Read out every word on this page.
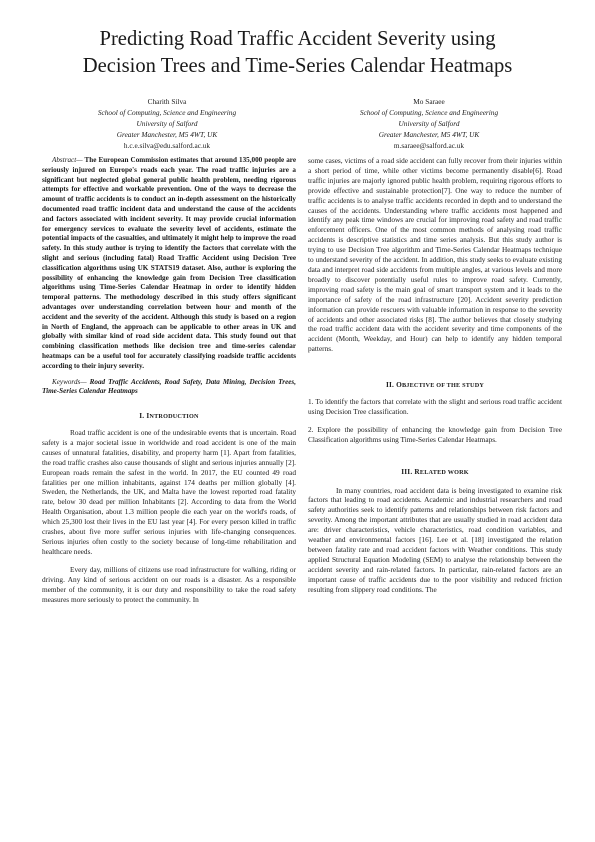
Predicting Road Traffic Accident Severity using
Decision Trees and Time-Series Calendar Heatmaps
Charith Silva
School of Computing, Science and Engineering
University of Salford
Greater Manchester, M5 4WT, UK
h.c.e.silva@edu.salford.ac.uk
Mo Saraee
School of Computing, Science and Engineering
University of Salford
Greater Manchester, M5 4WT, UK
m.saraee@salford.ac.uk

Abstract— The European Commission estimates that around 135,000 people are seriously injured on Europe's roads each year. The road traffic injuries are a significant but neglected global general public health problem, needing rigorous attempts for effective and workable prevention. One of the ways to decrease the amount of traffic accidents is to conduct an in-depth assessment on the historically documented road traffic incident data and understand the cause of the accidents and factors associated with incident severity. It may provide crucial information for emergency services to evaluate the severity level of accidents, estimate the potential impacts of the casualties, and ultimately it might help to improve the road safety. In this study author is trying to identify the factors that correlate with the slight and serious (including fatal) Road Traffic Accident using Decision Tree classification algorithms using UK STATS19 dataset. Also, author is exploring the possibility of enhancing the knowledge gain from Decision Tree classification algorithms using Time-Series Calendar Heatmap in order to identify hidden temporal patterns. The methodology described in this study offers significant advantages over understanding correlation between hour and month of the accident and the severity of the accident. Although this study is based on a region in North of England, the approach can be applicable to other areas in UK and globally with similar kind of road side accident data. This study found out that combining classification methods like decision tree and time-series calendar heatmaps can be a useful tool for accurately classifying roadside traffic accidents according to their injury severity.

Keywords— Road Traffic Accidents, Road Safety, Data Mining, Decision Trees, Time-Series Calendar Heatmaps

I. INTRODUCTION

Road traffic accident is one of the undesirable events that is uncertain. Road safety is a major societal issue in worldwide and road accident is one of the main causes of unnatural fatalities, disability, and property harm [1]. Apart from fatalities, the road traffic crashes also cause thousands of slight and serious injuries annually [2]. European roads remain the safest in the world. In 2017, the EU counted 49 road fatalities per one million inhabitants, against 174 deaths per million globally [4]. Sweden, the Netherlands, the UK, and Malta have the lowest reported road fatality rate, below 30 dead per million Inhabitants [2]. According to data from the World Health Organisation, about 1.3 million people die each year on the world's roads, of which 25,300 lost their lives in the EU last year [4]. For every person killed in traffic crashes, about five more suffer serious injuries with life-changing consequences. Serious injuries often costly to the society because of long-time rehabilitation and healthcare needs.

Every day, millions of citizens use road infrastructure for walking, riding or driving. Any kind of serious accident on our roads is a disaster. As a responsible member of the community, it is our duty and responsibility to take the road safety measures more seriously to protect the community. In

some cases, victims of a road side accident can fully recover from their injuries within a short period of time, while other victims become permanently disable[6]. Road traffic injuries are majorly ignored public health problem, requiring rigorous efforts to provide effective and sustainable protection[7]. One way to reduce the number of traffic accidents is to analyse traffic accidents recorded in depth and to understand the causes of the accidents. Understanding where traffic accidents most happened and identify any peak time windows are crucial for improving road safety and road traffic enforcement officers. One of the most common methods of analysing road traffic accidents is descriptive statistics and time series analysis. But this study author is trying to use Decision Tree algorithm and Time-Series Calendar Heatmaps technique to understand severity of the accident. In addition, this study seeks to evaluate existing data and interpret road side accidents from multiple angles, at various levels and more broadly to discover potentially useful rules to improve road safety. Currently, improving road safety is the main goal of smart transport system and it leads to the importance of safety of the road infrastructure [20]. Accident severity prediction information can provide rescuers with valuable information in response to the severity of accidents and other associated risks [8]. The author believes that closely studying the road traffic accident data with the accident severity and time components of the accident (Month, Weekday, and Hour) can help to identify any hidden temporal patterns.

II. OBJECTIVE OF THE STUDY

1. To identify the factors that correlate with the slight and serious road traffic accident using Decision Tree classification.

2. Explore the possibility of enhancing the knowledge gain from Decision Tree Classification algorithms using Time-Series Calendar Heatmaps.

III. RELATED WORK

In many countries, road accident data is being investigated to examine risk factors that leading to road accidents. Academic and industrial researchers and road safety authorities seek to identify patterns and relationships between risk factors and severity. Among the important attributes that are usually studied in road accident data are: driver characteristics, vehicle characteristics, road condition variables, and weather and environmental factors [16]. Lee et al. [18] investigated the relation between fatality rate and road accident factors with Weather conditions. This study applied Structural Equation Modeling (SEM) to analyse the relationship between the accident severity and rain-related factors. In particular, rain-related factors are an important cause of traffic accidents due to the poor visibility and reduced friction resulting from slippery road conditions. The
